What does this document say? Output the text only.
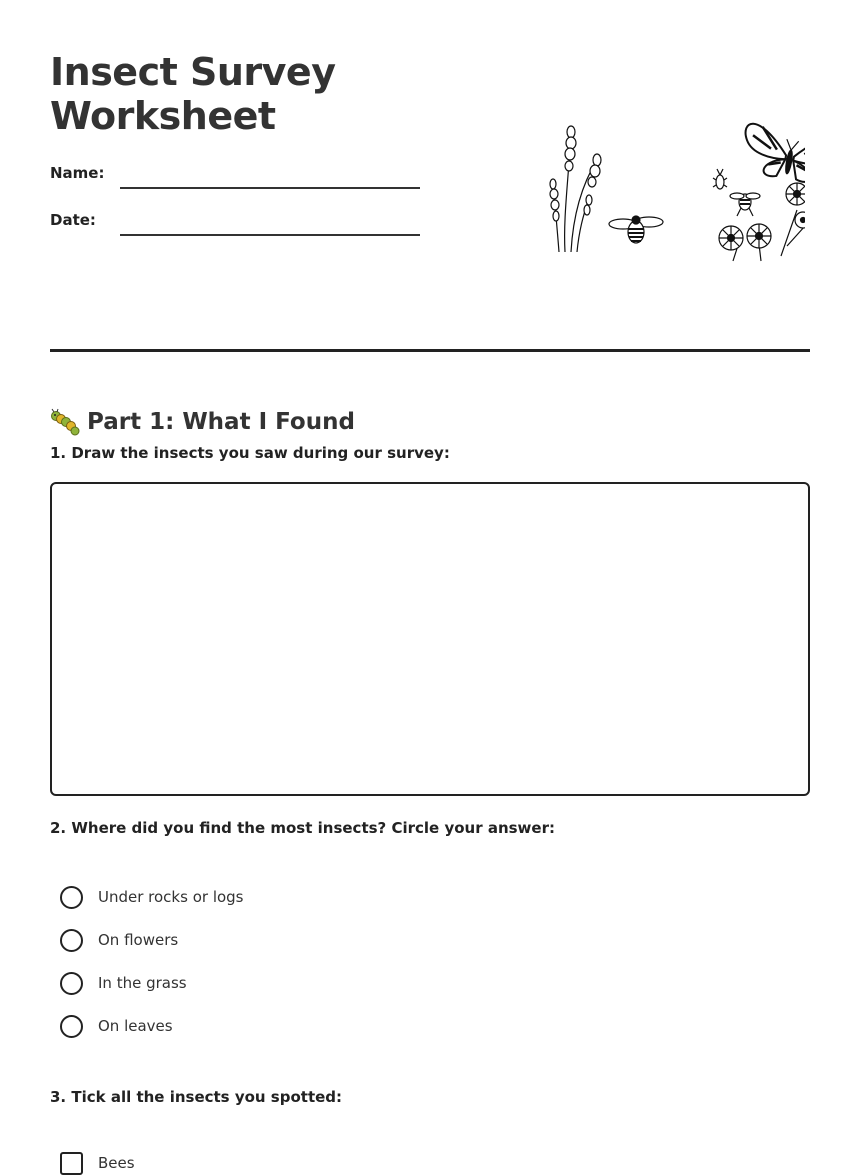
Insect Survey
Worksheet
Name:
Date:
Part 1: What I Found
1. Draw the insects you saw during our survey:
2. Where did you find the most insects? Circle your answer:
Under rocks or logs
On flowers
In the grass
On leaves
3. Tick all the insects you spotted:
Bees
